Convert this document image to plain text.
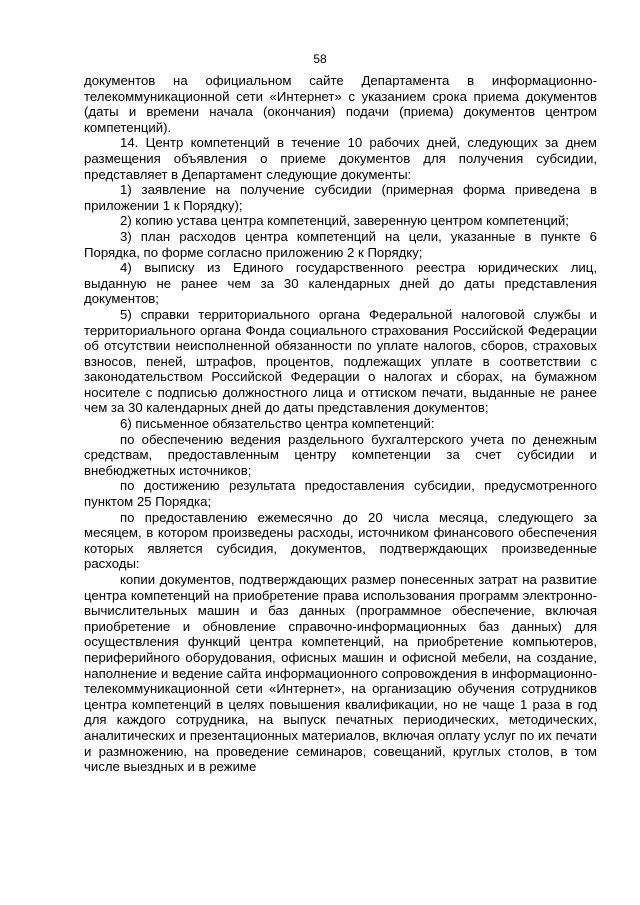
58

документов на официальном сайте Департамента в информационно-телекоммуникационной сети «Интернет» с указанием срока приема документов (даты и времени начала (окончания) подачи (приема) документов центром компетенций).

14. Центр компетенций в течение 10 рабочих дней, следующих за днем размещения объявления о приеме документов для получения субсидии, представляет в Департамент следующие документы:

1) заявление на получение субсидии (примерная форма приведена в приложении 1 к Порядку);

2) копию устава центра компетенций, заверенную центром компетенций;

3) план расходов центра компетенций на цели, указанные в пункте 6 Порядка, по форме согласно приложению 2 к Порядку;

4) выписку из Единого государственного реестра юридических лиц, выданную не ранее чем за 30 календарных дней до даты представления документов;

5) справки территориального органа Федеральной налоговой службы и территориального органа Фонда социального страхования Российской Федерации об отсутствии неисполненной обязанности по уплате налогов, сборов, страховых взносов, пеней, штрафов, процентов, подлежащих уплате в соответствии с законодательством Российской Федерации о налогах и сборах, на бумажном носителе с подписью должностного лица и оттиском печати, выданные не ранее чем за 30 календарных дней до даты представления документов;

6) письменное обязательство центра компетенций:

по обеспечению ведения раздельного бухгалтерского учета по денежным средствам, предоставленным центру компетенции за счет субсидии и внебюджетных источников;

по достижению результата предоставления субсидии, предусмотренного пунктом 25 Порядка;

по предоставлению ежемесячно до 20 числа месяца, следующего за месяцем, в котором произведены расходы, источником финансового обеспечения которых является субсидия, документов, подтверждающих произведенные расходы:

копии документов, подтверждающих размер понесенных затрат на развитие центра компетенций на приобретение права использования программ электронно-вычислительных машин и баз данных (программное обеспечение, включая приобретение и обновление справочно-информационных баз данных) для осуществления функций центра компетенций, на приобретение компьютеров, периферийного оборудования, офисных машин и офисной мебели, на создание, наполнение и ведение сайта информационного сопровождения в информационно-телекоммуникационной сети «Интернет», на организацию обучения сотрудников центра компетенций в целях повышения квалификации, но не чаще 1 раза в год для каждого сотрудника, на выпуск печатных периодических, методических, аналитических и презентационных материалов, включая оплату услуг по их печати и размножению, на проведение семинаров, совещаний, круглых столов, в том числе выездных и в режиме
